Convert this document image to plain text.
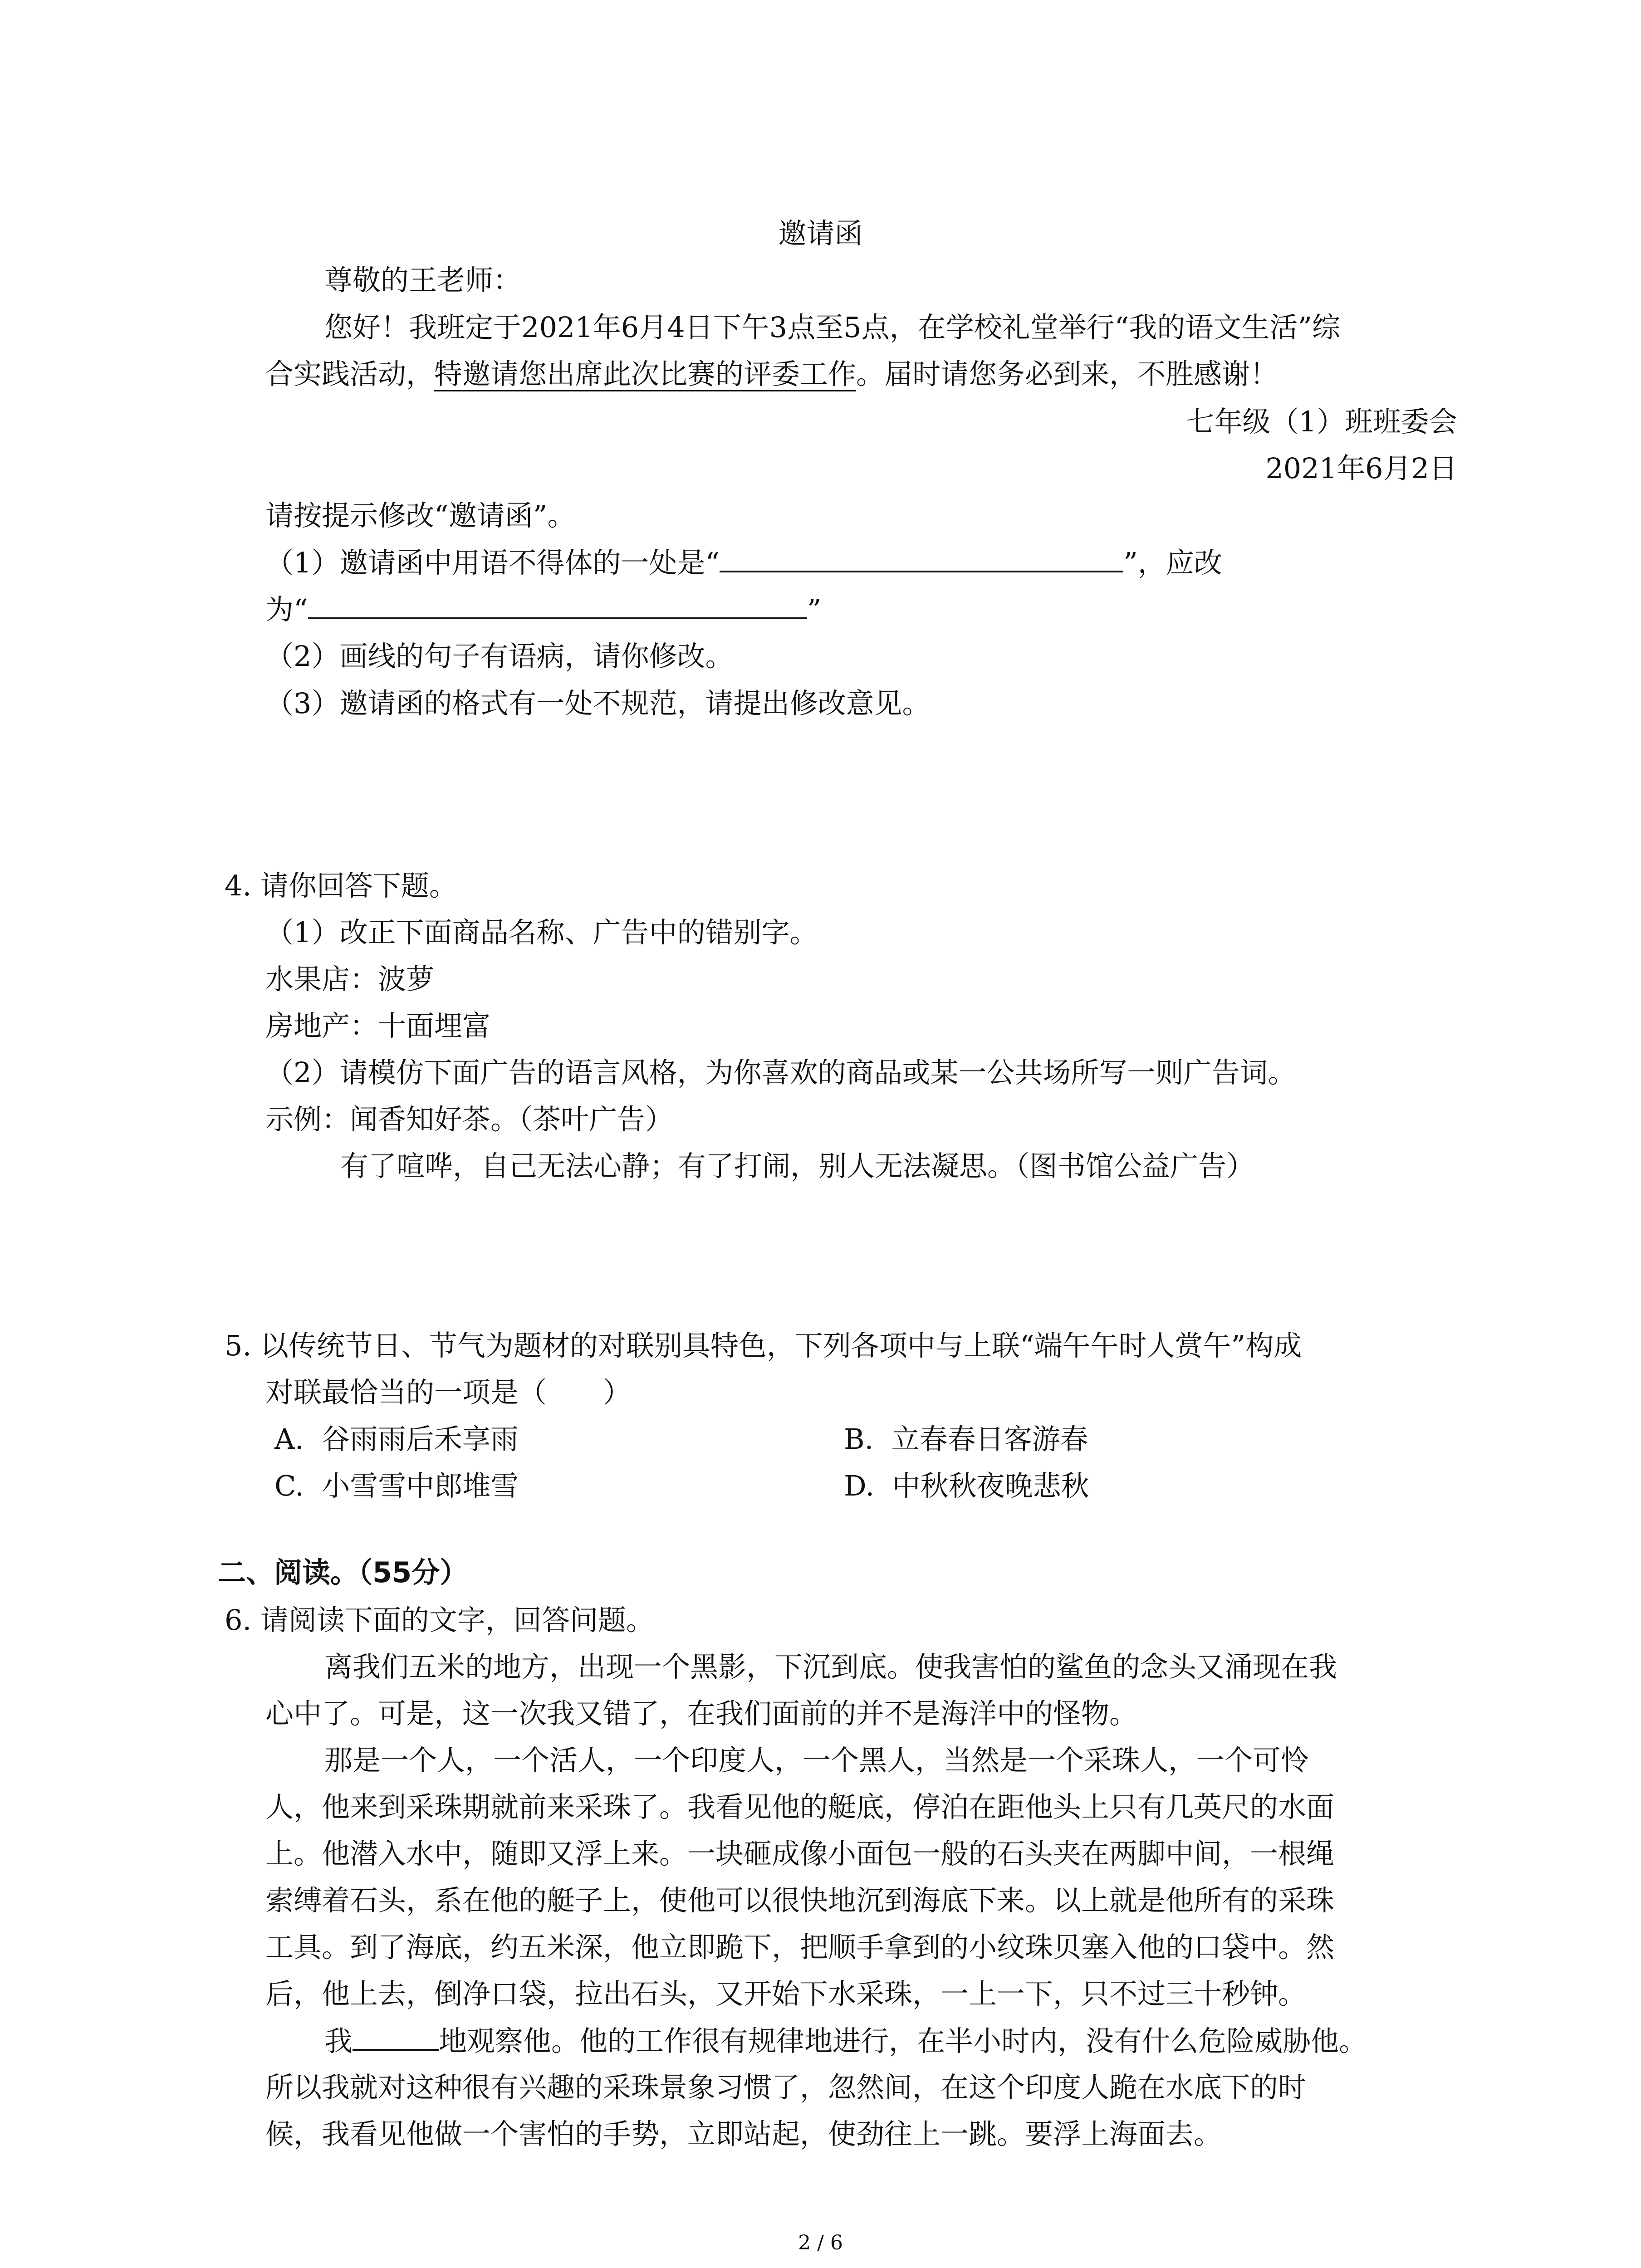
邀请函

尊敬的王老师：

您好！我班定于2021年6月4日下午3点至5点，在学校礼堂举行“我的语文生活”综

合实践活动，特邀请您出席此次比赛的评委工作。届时请您务必到来，不胜感谢！

七年级（1）班班委会

2021年6月2日

请按提示修改“邀请函”。

（1）邀请函中用语不得体的一处是“	”，应改

为“	”

（2）画线的句子有语病，请你修改。

（3）邀请函的格式有一处不规范，请提出修改意见。

4. 请你回答下题。

（1）改正下面商品名称、广告中的错别字。

水果店：波萝

房地产：十面埋富

（2）请模仿下面广告的语言风格，为你喜欢的商品或某一公共场所写一则广告词。

示例：闻香知好茶。（茶叶广告）

有了喧哗，自己无法心静；有了打闹，别人无法凝思。（图书馆公益广告）

5. 以传统节日、节气为题材的对联别具特色，下列各项中与上联“端午午时人赏午”构成

对联最恰当的一项是（　　）

A.  谷雨雨后禾享雨	B.  立春春日客游春

C.  小雪雪中郎堆雪	D.  中秋秋夜晚悲秋

二、阅读。（55分）

6. 请阅读下面的文字，回答问题。

离我们五米的地方，出现一个黑影，下沉到底。使我害怕的鲨鱼的念头又涌现在我

心中了。可是，这一次我又错了，在我们面前的并不是海洋中的怪物。

那是一个人，一个活人，一个印度人，一个黑人，当然是一个采珠人，一个可怜

人，他来到采珠期就前来采珠了。我看见他的艇底，停泊在距他头上只有几英尺的水面

上。他潜入水中，随即又浮上来。一块砸成像小面包一般的石头夹在两脚中间，一根绳

索缚着石头，系在他的艇子上，使他可以很快地沉到海底下来。以上就是他所有的采珠

工具。到了海底，约五米深，他立即跪下，把顺手拿到的小纹珠贝塞入他的口袋中。然

后，他上去，倒净口袋，拉出石头，又开始下水采珠，一上一下，只不过三十秒钟。

我	地观察他。他的工作很有规律地进行，在半小时内，没有什么危险威胁他。

所以我就对这种很有兴趣的采珠景象习惯了，忽然间，在这个印度人跪在水底下的时

候，我看见他做一个害怕的手势，立即站起，使劲往上一跳。要浮上海面去。

2 / 6
